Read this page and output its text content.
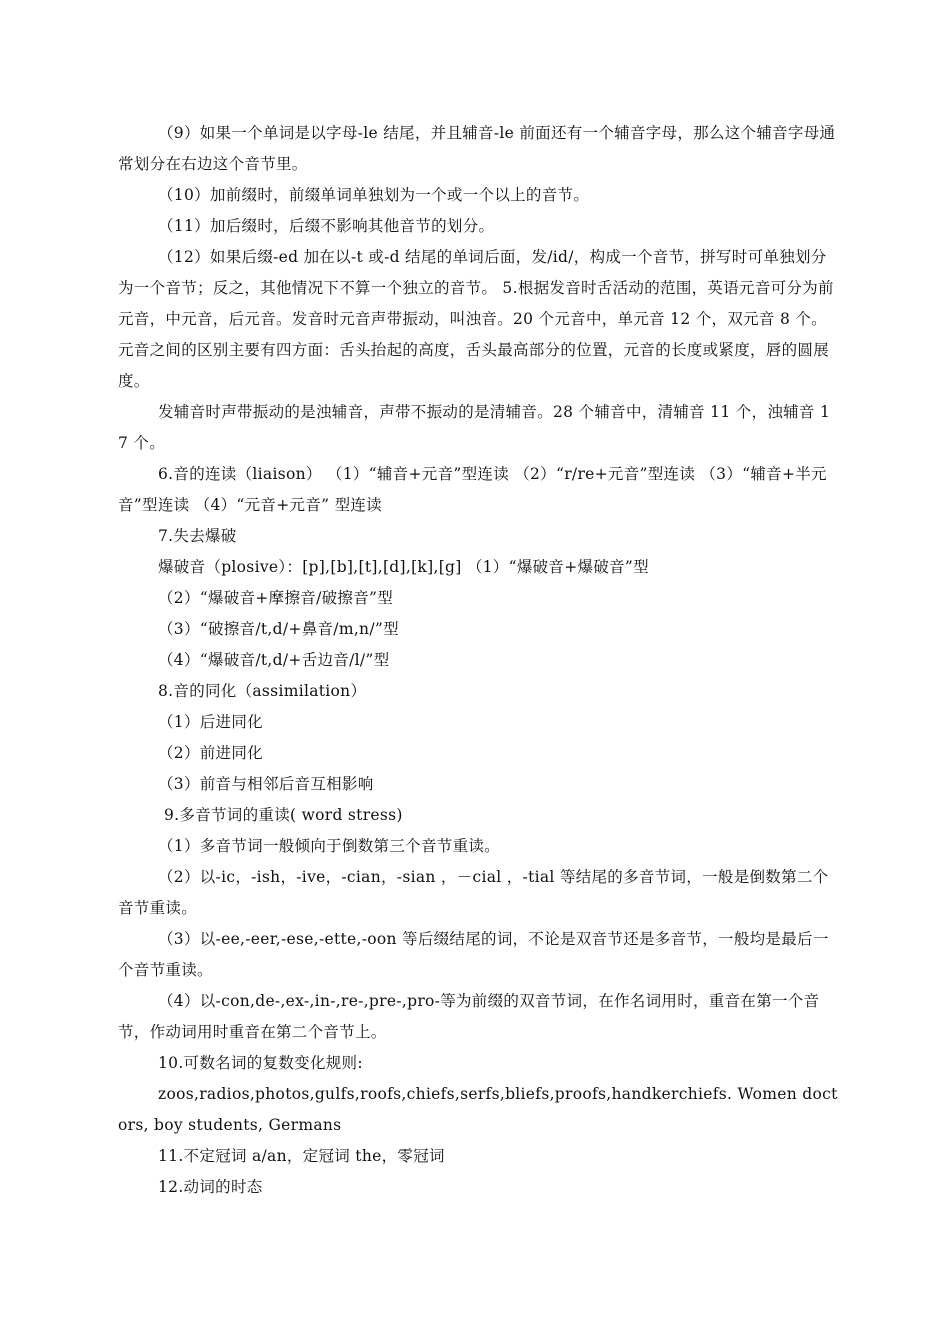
（9）如果一个单词是以字母-le 结尾，并且辅音-le 前面还有一个辅音字母，那么这个辅音字母通常划分在右边这个音节里。

（10）加前缀时，前缀单词单独划为一个或一个以上的音节。

（11）加后缀时，后缀不影响其他音节的划分。

（12）如果后缀-ed 加在以-t 或-d 结尾的单词后面，发/id/，构成一个音节，拼写时可单独划分为一个音节；反之，其他情况下不算一个独立的音节。 5.根据发音时舌活动的范围，英语元音可分为前元音，中元音，后元音。发音时元音声带振动，叫浊音。20 个元音中，单元音 12 个，双元音 8 个。元音之间的区别主要有四方面：舌头抬起的高度，舌头最高部分的位置，元音的长度或紧度，唇的圆展度。

发辅音时声带振动的是浊辅音，声带不振动的是清辅音。28 个辅音中，清辅音 11 个，浊辅音 17 个。

6.音的连读（liaison） （1）“辅音+元音”型连读 （2）“r/re+元音”型连读 （3）“辅音+半元音”型连读 （4）“元音+元音” 型连读

7.失去爆破

爆破音（plosive）：[p],[b],[t],[d],[k],[g] （1）“爆破音+爆破音”型

（2）“爆破音+摩擦音/破擦音”型

（3）“破擦音/t,d/+鼻音/m,n/”型

（4）“爆破音/t,d/+舌边音/l/”型

8.音的同化（assimilation）

（1）后进同化

（2）前进同化

（3）前音与相邻后音互相影响

9.多音节词的重读( word stress)

（1）多音节词一般倾向于倒数第三个音节重读。

（2）以-ic，-ish，-ive，-cian，-sian ，－cial ，-tial 等结尾的多音节词，一般是倒数第二个音节重读。

（3）以-ee,-eer,-ese,-ette,-oon 等后缀结尾的词，不论是双音节还是多音节，一般均是最后一个音节重读。

（4）以-con,de-,ex-,in-,re-,pre-,pro-等为前缀的双音节词，在作名词用时，重音在第一个音节，作动词用时重音在第二个音节上。

10.可数名词的复数变化规则:

zoos,radios,photos,gulfs,roofs,chiefs,serfs,bliefs,proofs,handkerchiefs. Women doctors, boy students, Germans

11.不定冠词 a/an，定冠词 the，零冠词

12.动词的时态
